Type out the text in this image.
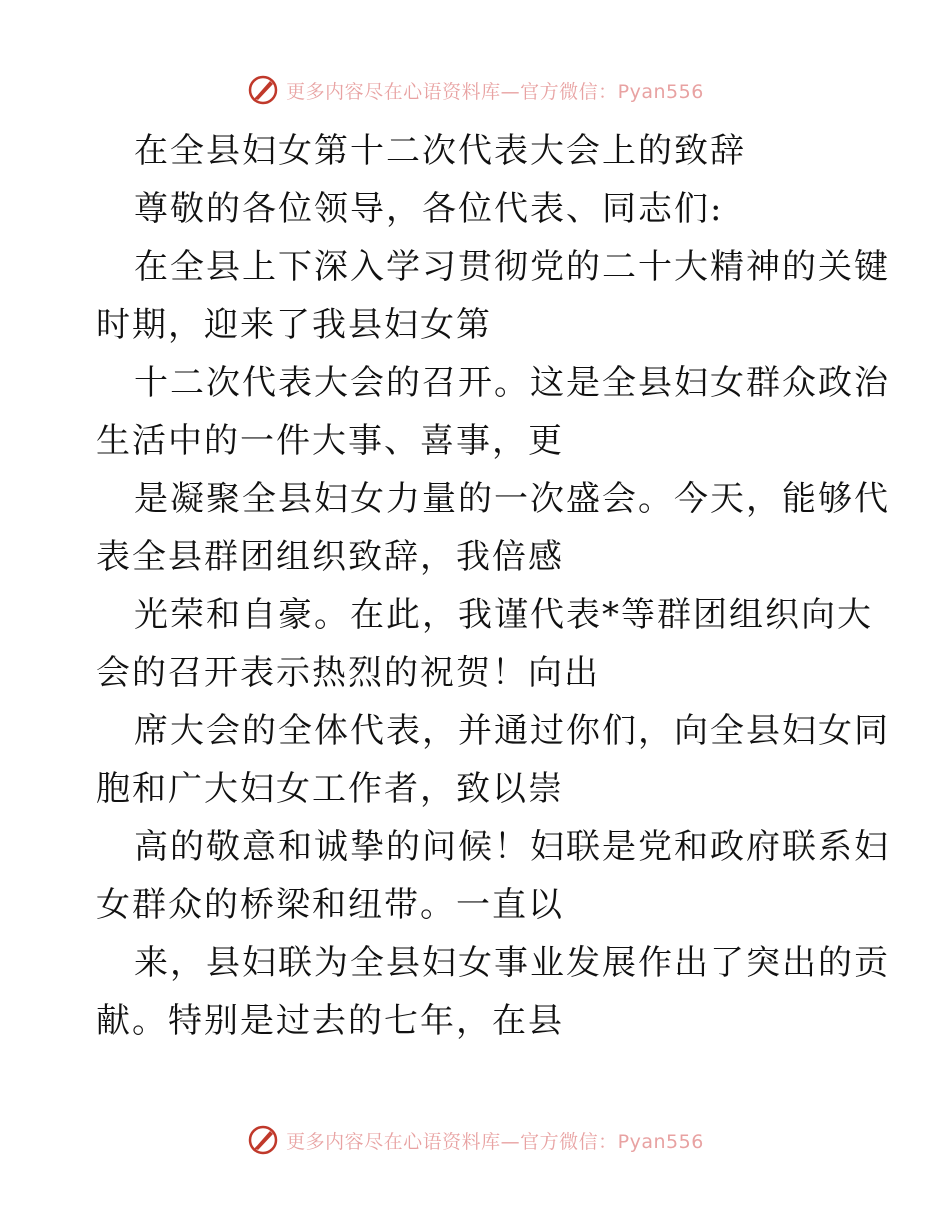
更多内容尽在心语资料库—官方微信：Pyan556
在全县妇女第十二次代表大会上的致辞
尊敬的各位领导，各位代表、同志们:
在全县上下深入学习贯彻党的二十大精神的关键
时期，迎来了我县妇女第
十二次代表大会的召开。这是全县妇女群众政治
生活中的一件大事、喜事，更
是凝聚全县妇女力量的一次盛会。今天，能够代
表全县群团组织致辞，我倍感
光荣和自豪。在此，我谨代表*等群团组织向大
会的召开表示热烈的祝贺！向出
席大会的全体代表，并通过你们，向全县妇女同
胞和广大妇女工作者，致以崇
高的敬意和诚挚的问候！妇联是党和政府联系妇
女群众的桥梁和纽带。一直以
来，县妇联为全县妇女事业发展作出了突出的贡
献。特别是过去的七年，在县
更多内容尽在心语资料库—官方微信：Pyan556
